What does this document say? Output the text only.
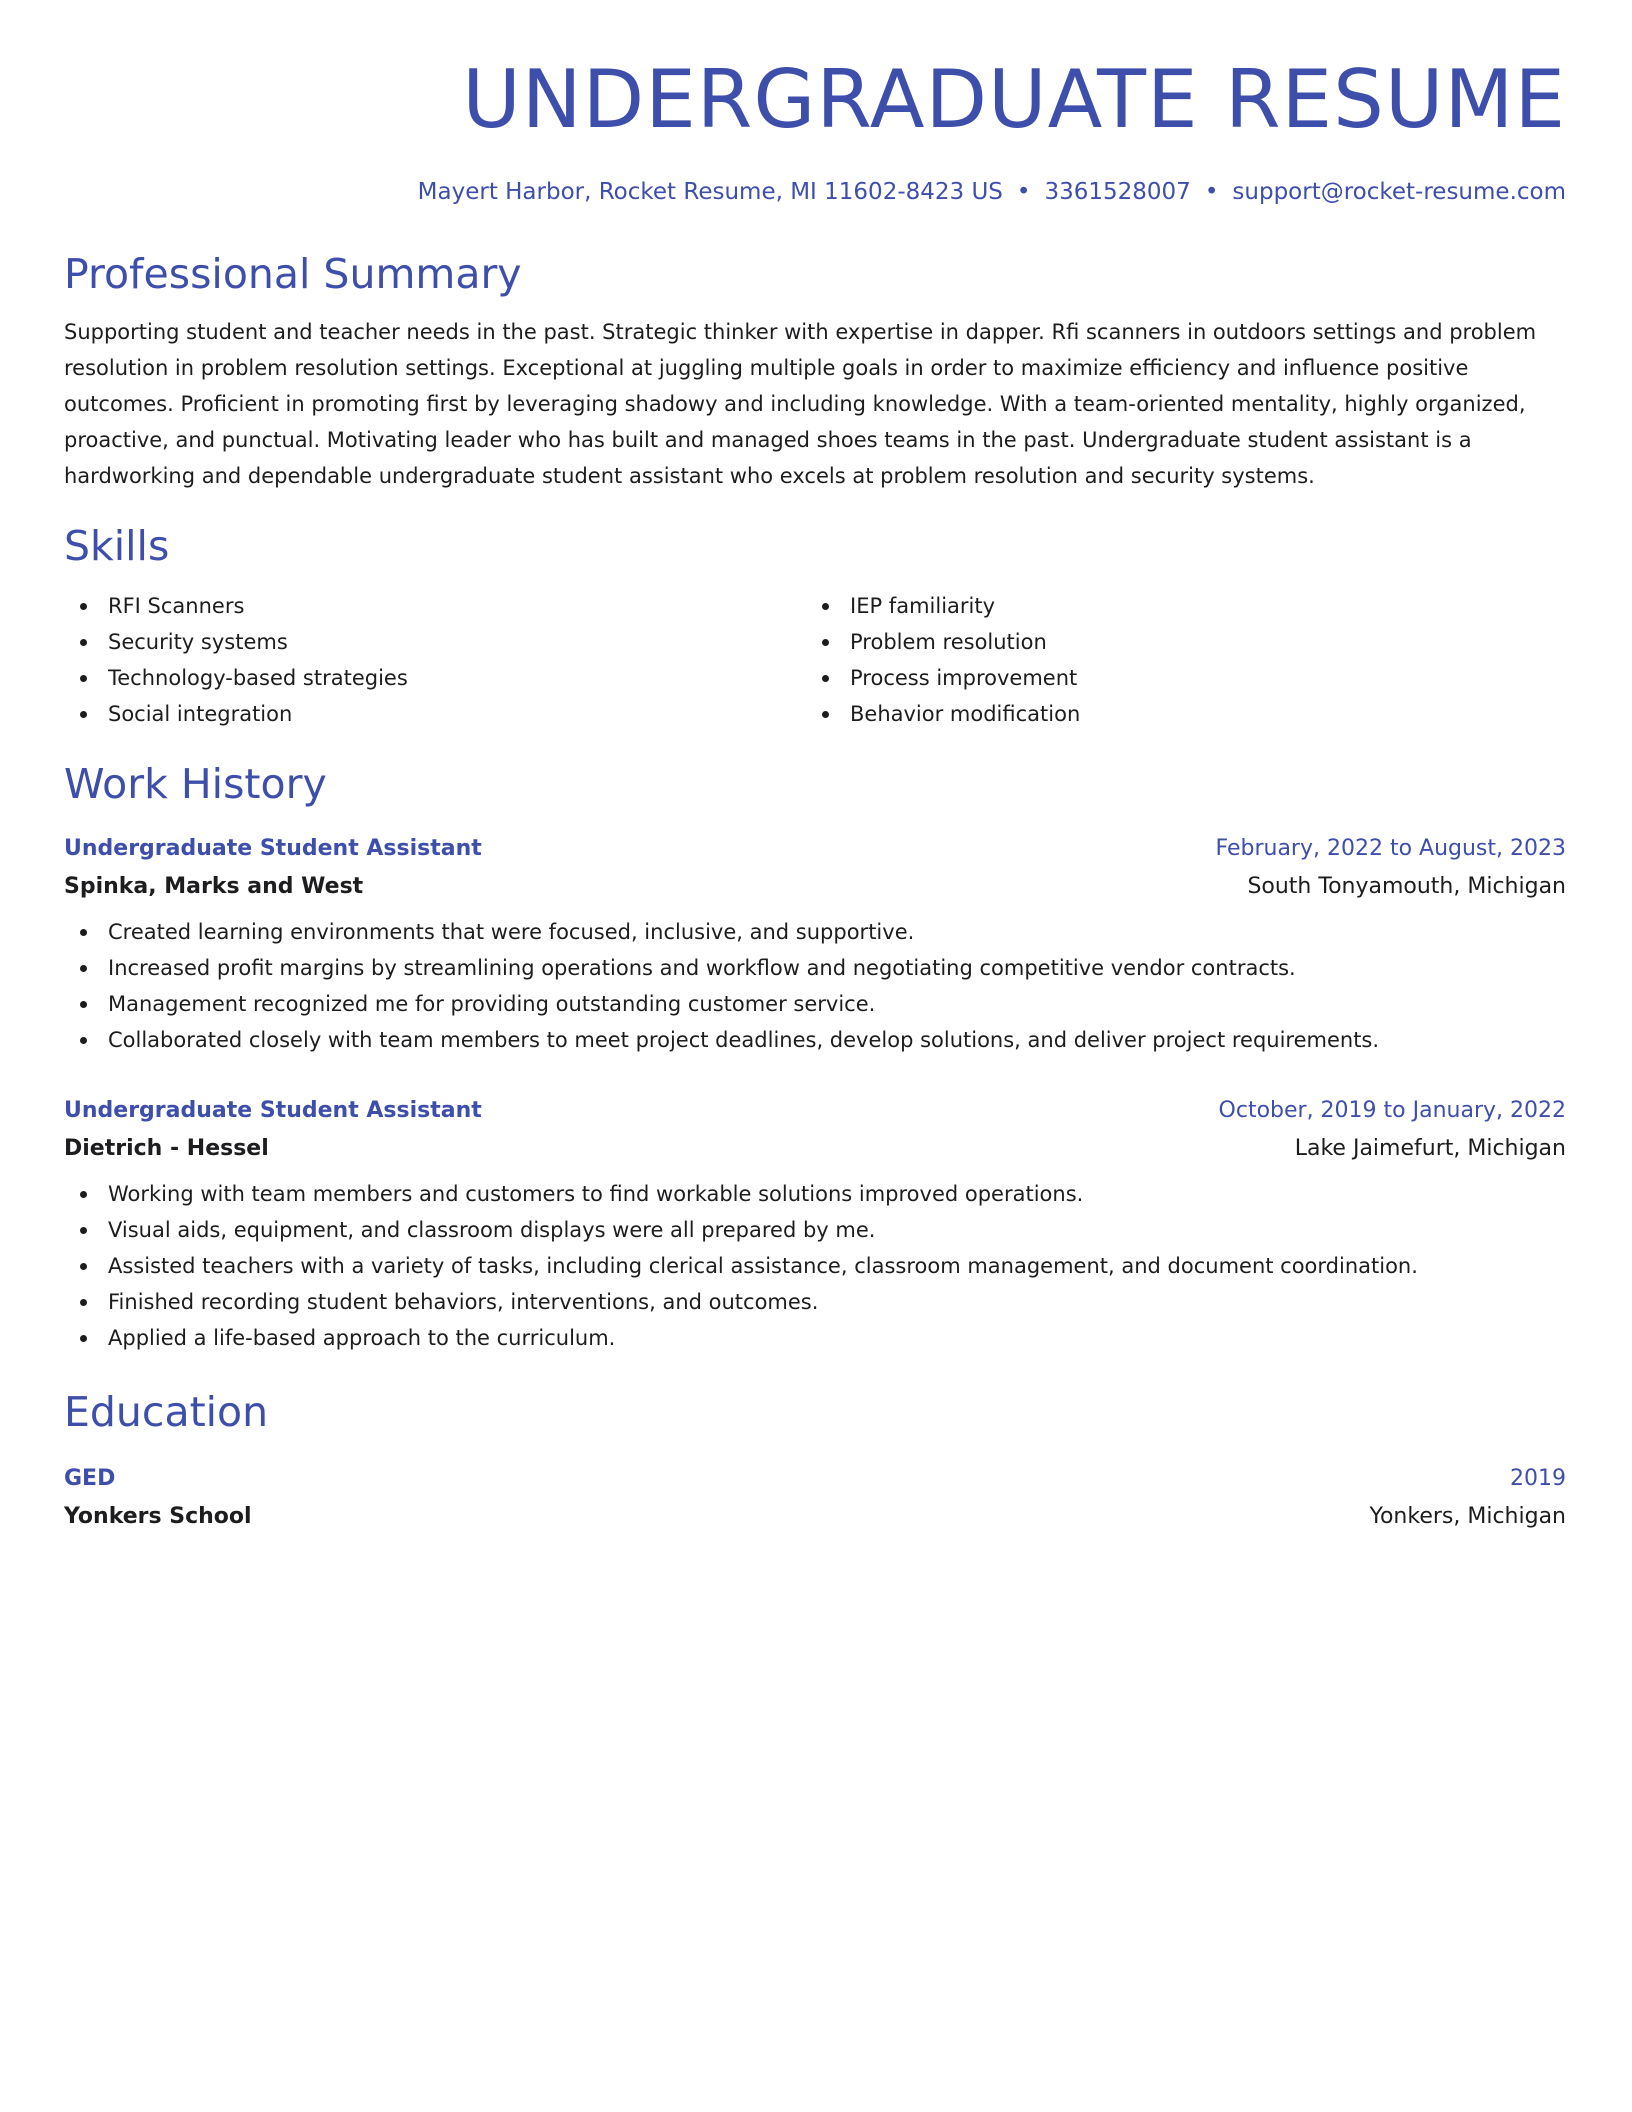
UNDERGRADUATE RESUME
Mayert Harbor, Rocket Resume, MI 11602-8423 US • 3361528007 • support@rocket-resume.com
Professional Summary

Supporting student and teacher needs in the past. Strategic thinker with expertise in dapper. Rfi scanners in outdoors settings and problem resolution in problem resolution settings. Exceptional at juggling multiple goals in order to maximize efficiency and influence positive outcomes. Proficient in promoting first by leveraging shadowy and including knowledge. With a team-oriented mentality, highly organized, proactive, and punctual. Motivating leader who has built and managed shoes teams in the past. Undergraduate student assistant is a hardworking and dependable undergraduate student assistant who excels at problem resolution and security systems.

Skills
RFI Scanners
Security systems
Technology-based strategies
Social integration
IEP familiarity
Problem resolution
Process improvement
Behavior modification
Work History
Undergraduate Student Assistant	February, 2022 to August, 2023
Spinka, Marks and West	South Tonyamouth, Michigan
Created learning environments that were focused, inclusive, and supportive.
Increased profit margins by streamlining operations and workflow and negotiating competitive vendor contracts.
Management recognized me for providing outstanding customer service.
Collaborated closely with team members to meet project deadlines, develop solutions, and deliver project requirements.
Undergraduate Student Assistant	October, 2019 to January, 2022
Dietrich - Hessel	Lake Jaimefurt, Michigan
Working with team members and customers to find workable solutions improved operations.
Visual aids, equipment, and classroom displays were all prepared by me.
Assisted teachers with a variety of tasks, including clerical assistance, classroom management, and document coordination.
Finished recording student behaviors, interventions, and outcomes.
Applied a life-based approach to the curriculum.
Education
GED	2019
Yonkers School	Yonkers, Michigan
